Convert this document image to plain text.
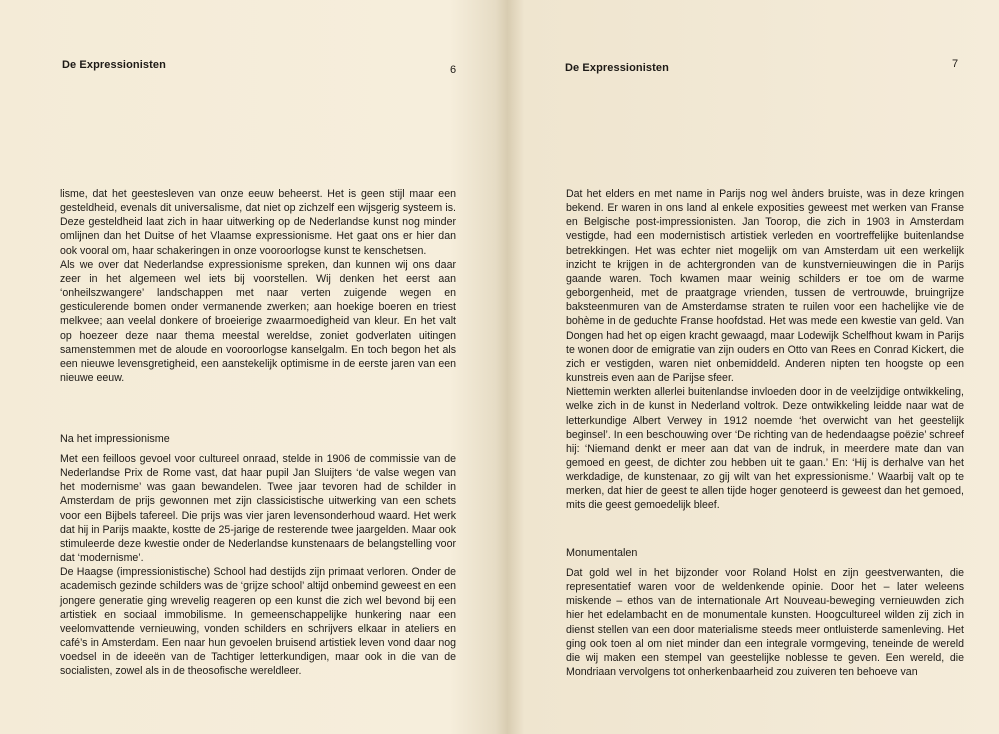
De Expressionisten	6

lisme, dat het geestesleven van onze eeuw beheerst. Het is geen stijl maar een gesteldheid, evenals dit universalisme, dat niet op zichzelf een wijsgerig systeem is. Deze gesteldheid laat zich in haar uitwerking op de Nederlandse kunst nog minder omlijnen dan het Duitse of het Vlaamse expressionisme. Het gaat ons er hier dan ook vooral om, haar schakeringen in onze vooroorlogse kunst te kenschetsen.

Als we over dat Nederlandse expressionisme spreken, dan kunnen wij ons daar zeer in het algemeen wel iets bij voorstellen. Wij denken het eerst aan ‘onheilszwangere’ landschappen met naar verten zuigende wegen en gesticulerende bomen onder vermanende zwerken; aan hoekige boeren en triest melkvee; aan veelal donkere of broeierige zwaarmoedigheid van kleur. En het valt op hoezeer deze naar thema meestal wereldse, zoniet godverlaten uitingen samenstemmen met de aloude en vooroorlogse kanselgalm. En toch begon het als een nieuwe levensgretigheid, een aanstekelijk optimisme in de eerste jaren van een nieuwe eeuw.

Na het impressionisme

Met een feilloos gevoel voor cultureel onraad, stelde in 1906 de commissie van de Nederlandse Prix de Rome vast, dat haar pupil Jan Sluijters ‘de valse wegen van het modernisme’ was gaan bewandelen. Twee jaar tevoren had de schilder in Amsterdam de prijs gewonnen met zijn classicistische uitwerking van een schets voor een Bijbels tafereel. Die prijs was vier jaren levensonderhoud waard. Het werk dat hij in Parijs maakte, kostte de 25-jarige de resterende twee jaargelden. Maar ook stimuleerde deze kwestie onder de Nederlandse kunstenaars de belangstelling voor dat ‘modernisme’.

De Haagse (impressionistische) School had destijds zijn primaat verloren. Onder de academisch gezinde schilders was de ‘grijze school’ altijd onbemind geweest en een jongere generatie ging wrevelig reageren op een kunst die zich wel bevond bij een artistiek en sociaal immobilisme. In gemeenschappelijke hunkering naar een veelomvattende vernieuwing, vonden schilders en schrijvers elkaar in ateliers en café’s in Amsterdam. Een naar hun gevoelen bruisend artistiek leven vond daar nog voedsel in de ideeën van de Tachtiger letterkundigen, maar ook in die van de socialisten, zowel als in de theosofische wereldleer.

De Expressionisten	7

Dat het elders en met name in Parijs nog wel ànders bruiste, was in deze kringen bekend. Er waren in ons land al enkele exposities geweest met werken van Franse en Belgische post-impressionisten. Jan Toorop, die zich in 1903 in Amsterdam vestigde, had een modernistisch artistiek verleden en voortreffelijke buitenlandse betrekkingen. Het was echter niet mogelijk om van Amsterdam uit een werkelijk inzicht te krijgen in de achtergronden van de kunstvernieuwingen die in Parijs gaande waren. Toch kwamen maar weinig schilders er toe om de warme geborgenheid, met de praatgrage vrienden, tussen de vertrouwde, bruingrijze baksteenmuren van de Amsterdamse straten te ruilen voor een hachelijke vie de bohème in de geduchte Franse hoofdstad. Het was mede een kwestie van geld. Van Dongen had het op eigen kracht gewaagd, maar Lodewijk Schelfhout kwam in Parijs te wonen door de emigratie van zijn ouders en Otto van Rees en Conrad Kickert, die zich er vestigden, waren niet onbemiddeld. Anderen nipten ten hoogste op een kunstreis even aan de Parijse sfeer.

Niettemin werkten allerlei buitenlandse invloeden door in de veelzijdige ontwikkeling, welke zich in de kunst in Nederland voltrok. Deze ontwikkeling leidde naar wat de letterkundige Albert Verwey in 1912 noemde ‘het overwicht van het geestelijk beginsel’. In een beschouwing over ‘De richting van de hedendaagse poëzie’ schreef hij: ‘Niemand denkt er meer aan dat van de indruk, in meerdere mate dan van gemoed en geest, de dichter zou hebben uit te gaan.’ En: ‘Hij is derhalve van het werkdadige, de kunstenaar, zo gij wilt van het expressionisme.’ Waarbij valt op te merken, dat hier de geest te allen tijde hoger genoteerd is geweest dan het gemoed, mits die geest gemoedelijk bleef.

Monumentalen

Dat gold wel in het bijzonder voor Roland Holst en zijn geestverwanten, die representatief waren voor de weldenkende opinie. Door het – later weleens miskende – ethos van de internationale Art Nouveau-beweging vernieuwden zich hier het edelambacht en de monumentale kunsten. Hoogcultureel wilden zij zich in dienst stellen van een door materialisme steeds meer ontluisterde samenleving. Het ging ook toen al om niet minder dan een integrale vormgeving, teneinde de wereld die wij maken een stempel van geestelijke noblesse te geven. Een wereld, die Mondriaan vervolgens tot onherkenbaarheid zou zuiveren ten behoeve van
